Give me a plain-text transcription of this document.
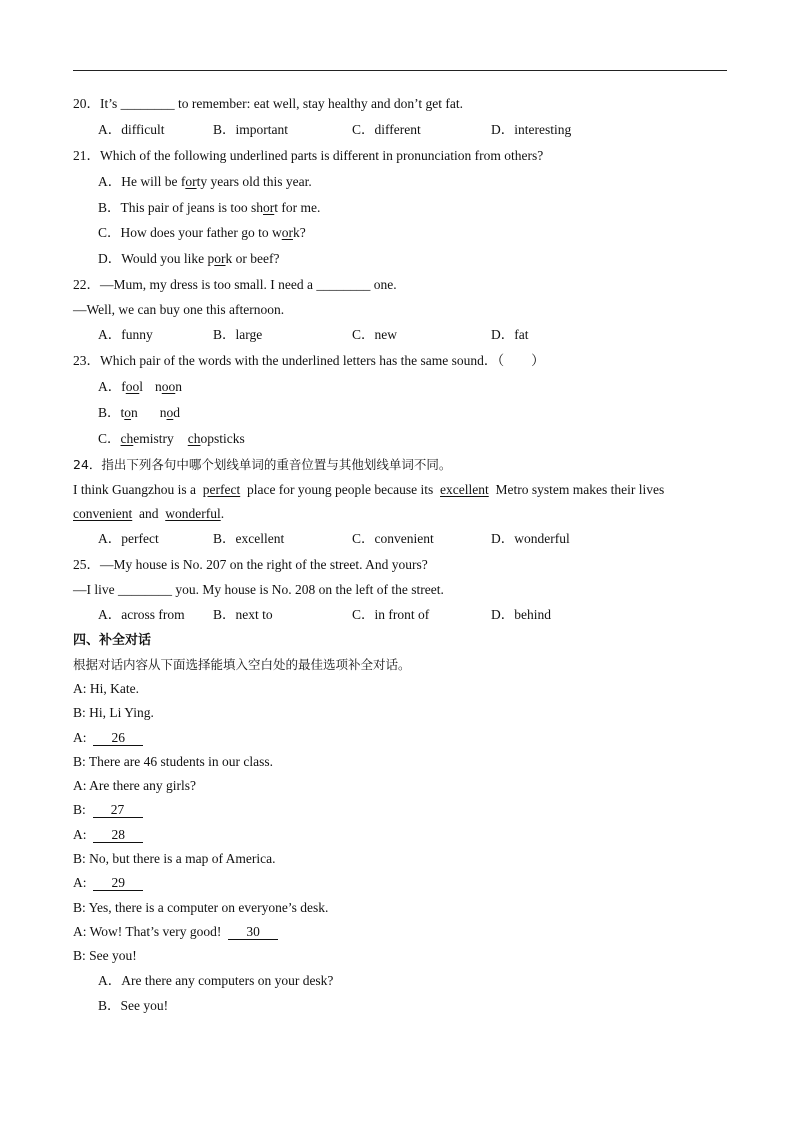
20．It’s ________ to remember: eat well, stay healthy and don’t get fat.
A．difficult	B．important	C．different	D．interesting
21．Which of the following underlined parts is different in pronunciation from others?
A．He will be forty years old this year.
B．This pair of jeans is too short for me.
C．How does your father go to work?
D．Would you like pork or beef?
22．—Mum, my dress is too small. I need a ________ one.
—Well, we can buy one this afternoon.
A．funny	B．large	C．new	D．fat
23．Which pair of the words with the underlined letters has the same sound．（　　）
A．fool noon
B．ton nod
C．chemistry chopsticks
24．指出下列各句中哪个划线单词的重音位置与其他划线单词不同。
I think Guangzhou is a perfect place for young people because its excellent Metro system makes their lives
convenient and wonderful.
A．perfect	B．excellent	C．convenient	D．wonderful
25．—My house is No. 207 on the right of the street. And yours?
—I live ________ you. My house is No. 208 on the left of the street.
A．across from B．next to	C．in front of	D．behind
四、补全对话
根据对话内容从下面选择能填入空白处的最佳选项补全对话。
A: Hi, Kate.
B: Hi, Li Ying.
A: 26
B: There are 46 students in our class.
A: Are there any girls?
B: 27
A: 28
B: No, but there is a map of America.
A: 29
B: Yes, there is a computer on everyone’s desk.
A: Wow! That’s very good! 30
B: See you!
A．Are there any computers on your desk?
B．See you!
